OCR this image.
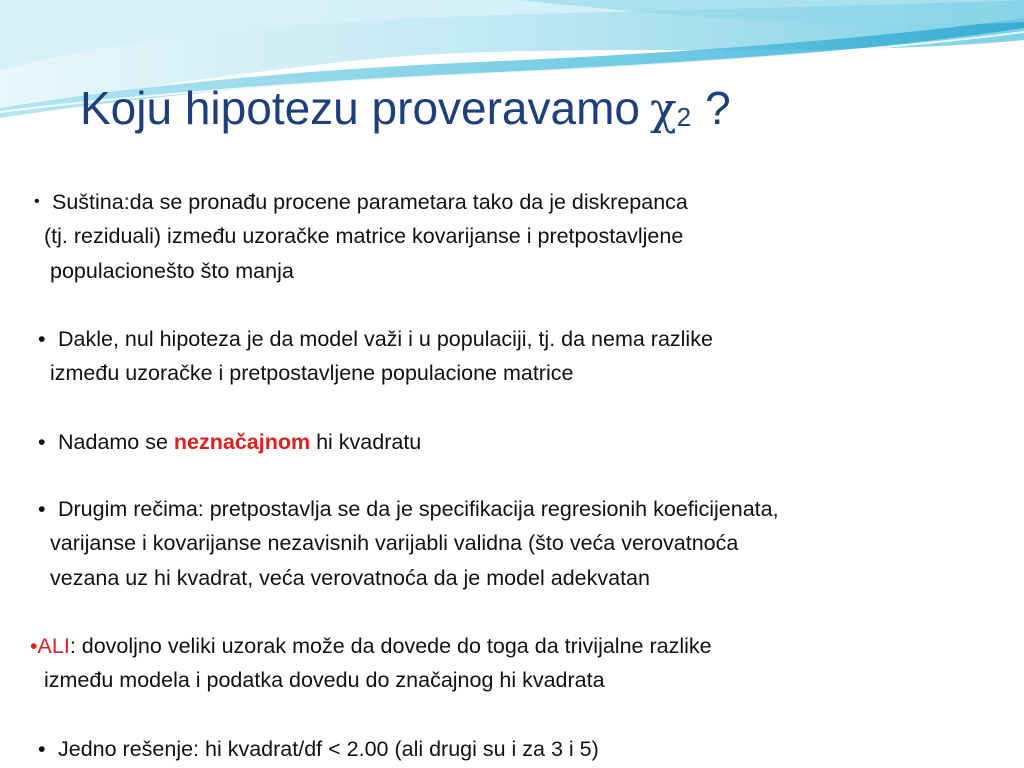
Koju hipotezu proveravamo χ2 ?
• Suština:da se pronađu procene parametara tako da je diskrepanca
(tj. reziduali) između uzoračke matrice kovarijanse i pretpostavljene
populacionešto što manja
• Dakle, nul hipoteza je da model važi i u populaciji, tj. da nema razlike
između uzoračke i pretpostavljene populacione matrice
• Nadamo se neznačajnom hi kvadratu
• Drugim rečima: pretpostavlja se da je specifikacija regresionih koeficijenata,
varijanse i kovarijanse nezavisnih varijabli validna (što veća verovatnoća
vezana uz hi kvadrat, veća verovatnoća da je model adekvatan
•ALI: dovoljno veliki uzorak može da dovede do toga da trivijalne razlike
između modela i podatka dovedu do značajnog hi kvadrata
• Jedno rešenje: hi kvadrat/df < 2.00 (ali drugi su i za 3 i 5)
